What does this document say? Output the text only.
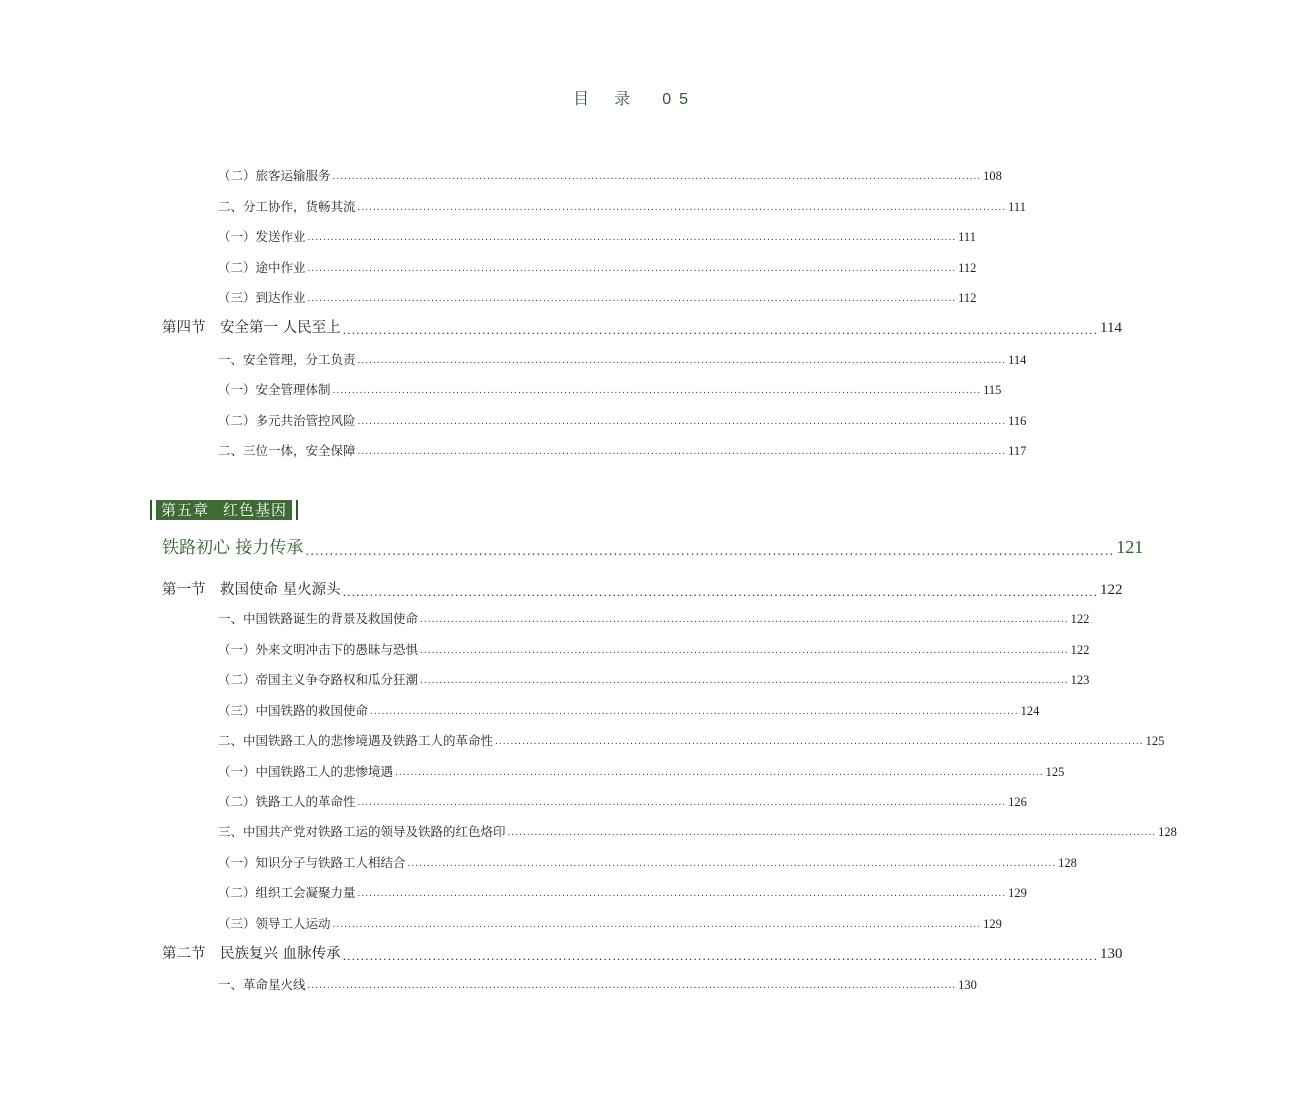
目 录 05
（二）旅客运输服务 ........................................................................................................................................................................ 108
二、分工协作，货畅其流 ........................................................................................................................................................................ 111
（一）发送作业 ........................................................................................................................................................................ 111
（二）途中作业 ........................................................................................................................................................................ 112
（三）到达作业 ........................................................................................................................................................................ 112
第四节　安全第一 人民至上 ........................................................................................................................................................................ 114
一、安全管理，分工负责 ........................................................................................................................................................................ 114
（一）安全管理体制 ........................................................................................................................................................................ 115
（二）多元共治管控风险 ........................................................................................................................................................................ 116
二、三位一体，安全保障 ........................................................................................................................................................................ 117
第五章 红色基因
铁路初心 接力传承 ........................................................................................................................................................................ 121
第一节　救国使命 星火源头 ........................................................................................................................................................................ 122
一、中国铁路诞生的背景及救国使命 ........................................................................................................................................................................ 122
（一）外来文明冲击下的愚昧与恐惧 ........................................................................................................................................................................ 122
（二）帝国主义争夺路权和瓜分狂潮 ........................................................................................................................................................................ 123
（三）中国铁路的救国使命 ........................................................................................................................................................................ 124
二、中国铁路工人的悲惨境遇及铁路工人的革命性 ........................................................................................................................................................................ 125
（一）中国铁路工人的悲惨境遇 ........................................................................................................................................................................ 125
（二）铁路工人的革命性 ........................................................................................................................................................................ 126
三、中国共产党对铁路工运的领导及铁路的红色烙印 ........................................................................................................................................................................ 128
（一）知识分子与铁路工人相结合 ........................................................................................................................................................................ 128
（二）组织工会凝聚力量 ........................................................................................................................................................................ 129
（三）领导工人运动 ........................................................................................................................................................................ 129
第二节　民族复兴 血脉传承 ........................................................................................................................................................................ 130
一、革命星火线 ........................................................................................................................................................................ 130
